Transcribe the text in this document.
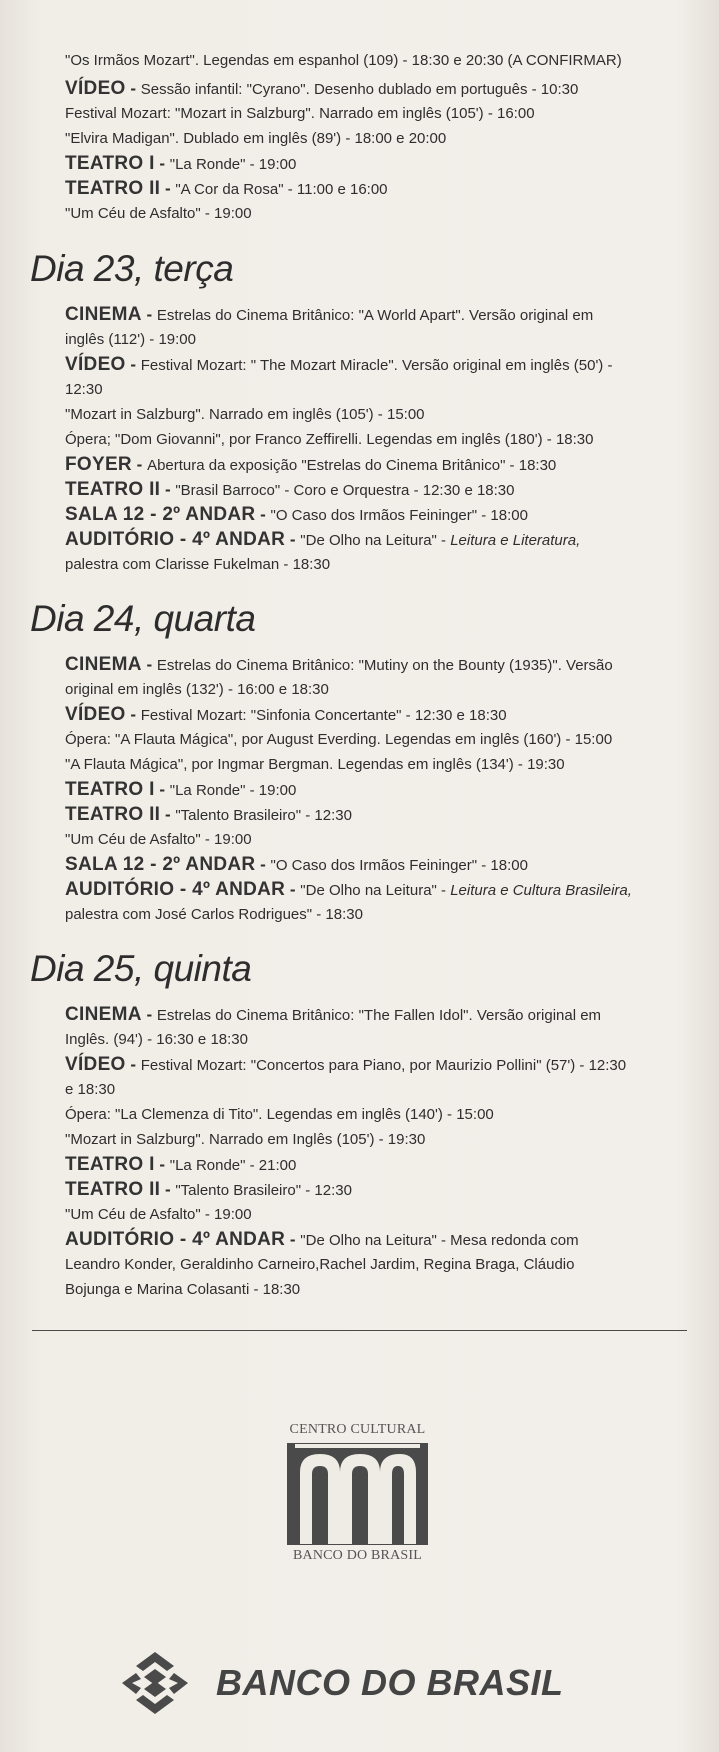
"Os Irmãos Mozart". Legendas em espanhol (109) - 18:30 e 20:30 (A CONFIRMAR)
VÍDEO - Sessão infantil: "Cyrano". Desenho dublado em português - 10:30
Festival Mozart: "Mozart in Salzburg". Narrado em inglês (105') - 16:00
"Elvira Madigan". Dublado em inglês (89') - 18:00 e 20:00
TEATRO I - "La Ronde" - 19:00
TEATRO II - "A Cor da Rosa" - 11:00 e 16:00
"Um Céu de Asfalto" - 19:00
Dia 23, terça
CINEMA - Estrelas do Cinema Britânico: "A World Apart". Versão original em
inglês (112') - 19:00
VÍDEO - Festival Mozart: " The Mozart Miracle". Versão original em inglês (50') -
12:30
"Mozart in Salzburg". Narrado em inglês (105') - 15:00
Ópera; "Dom Giovanni", por Franco Zeffirelli. Legendas em inglês (180') - 18:30
FOYER - Abertura da exposição "Estrelas do Cinema Britânico" - 18:30
TEATRO II - "Brasil Barroco" - Coro e Orquestra - 12:30 e 18:30
SALA 12 - 2º ANDAR - "O Caso dos Irmãos Feininger" - 18:00
AUDITÓRIO - 4º ANDAR - "De Olho na Leitura" - Leitura e Literatura,
palestra com Clarisse Fukelman - 18:30
Dia 24, quarta
CINEMA - Estrelas do Cinema Britânico: "Mutiny on the Bounty (1935)". Versão
original em inglês (132') - 16:00 e 18:30
VÍDEO - Festival Mozart: "Sinfonia Concertante" - 12:30 e 18:30
Ópera: "A Flauta Mágica", por August Everding. Legendas em inglês (160') - 15:00
"A Flauta Mágica", por Ingmar Bergman. Legendas em inglês (134') - 19:30
TEATRO I - "La Ronde" - 19:00
TEATRO II - "Talento Brasileiro" - 12:30
"Um Céu de Asfalto" - 19:00
SALA 12 - 2º ANDAR - "O Caso dos Irmãos Feininger" - 18:00
AUDITÓRIO - 4º ANDAR - "De Olho na Leitura" - Leitura e Cultura Brasileira,
palestra com José Carlos Rodrigues" - 18:30
Dia 25, quinta
CINEMA - Estrelas do Cinema Britânico: "The Fallen Idol". Versão original em
Inglês. (94') - 16:30 e 18:30
VÍDEO - Festival Mozart: "Concertos para Piano, por Maurizio Pollini" (57') - 12:30
e 18:30
Ópera: "La Clemenza di Tito". Legendas em inglês (140') - 15:00
"Mozart in Salzburg". Narrado em Inglês (105') - 19:30
TEATRO I - "La Ronde" - 21:00
TEATRO II - "Talento Brasileiro" - 12:30
"Um Céu de Asfalto" - 19:00
AUDITÓRIO - 4º ANDAR - "De Olho na Leitura" - Mesa redonda com
Leandro Konder, Geraldinho Carneiro,Rachel Jardim, Regina Braga, Cláudio
Bojunga e Marina Colasanti - 18:30
CENTRO CULTURAL
BANCO DO BRASIL
BANCO DO BRASIL
